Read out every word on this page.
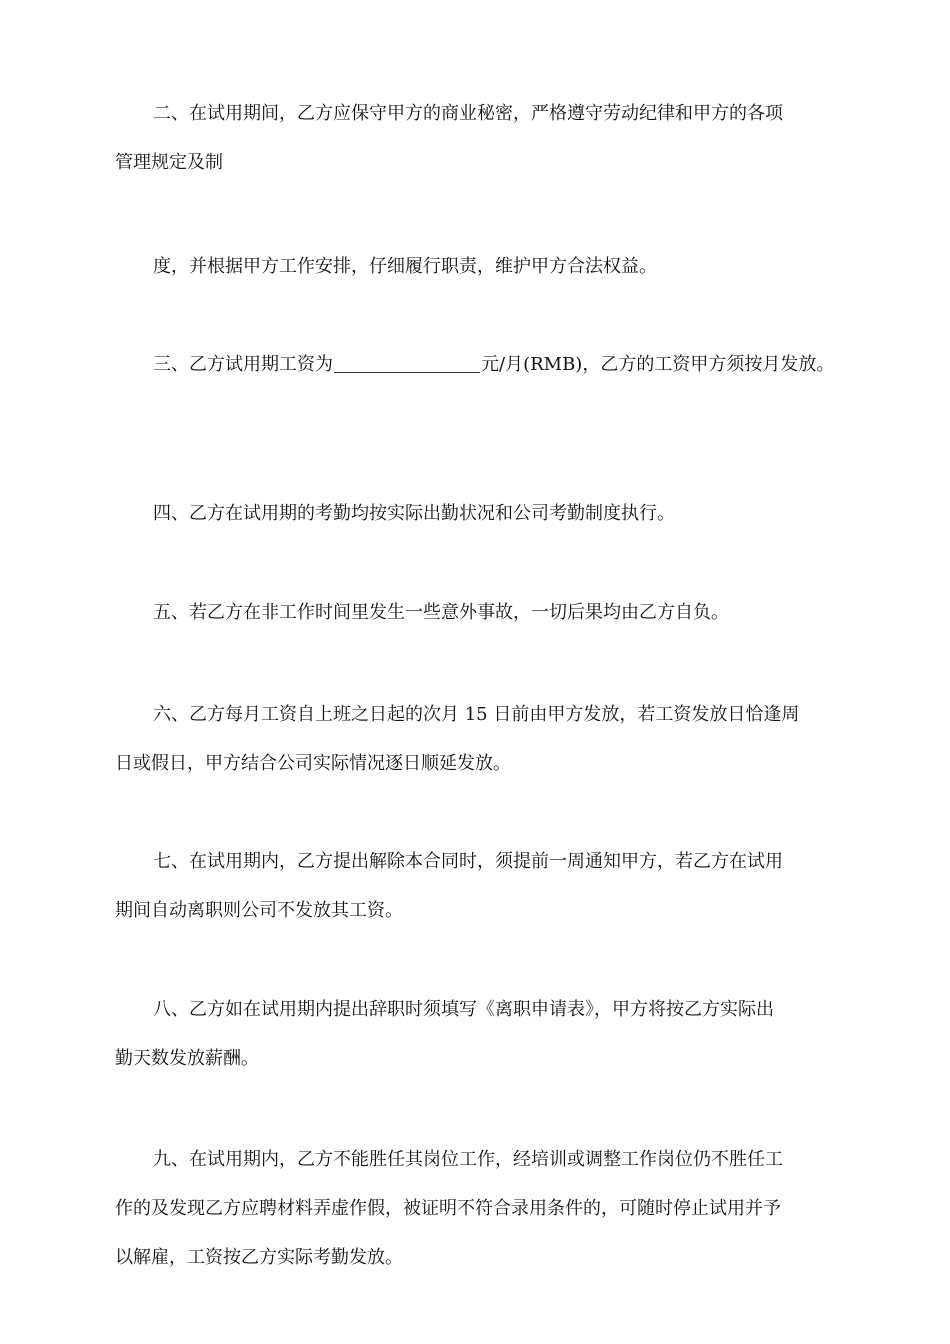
二、在试用期间，乙方应保守甲方的商业秘密，严格遵守劳动纪律和甲方的各项
管理规定及制
度，并根据甲方工作安排，仔细履行职责，维护甲方合法权益。
三、乙方试用期工资为	元/月(RMB)，乙方的工资甲方须按月发放。
四、乙方在试用期的考勤均按实际出勤状况和公司考勤制度执行。
五、若乙方在非工作时间里发生一些意外事故，一切后果均由乙方自负。
六、乙方每月工资自上班之日起的次月 15 日前由甲方发放，若工资发放日恰逢周
日或假日，甲方结合公司实际情况逐日顺延发放。
七、在试用期内，乙方提出解除本合同时，须提前一周通知甲方，若乙方在试用
期间自动离职则公司不发放其工资。
八、乙方如在试用期内提出辞职时须填写《离职申请表》，甲方将按乙方实际出
勤天数发放薪酬。
九、在试用期内，乙方不能胜任其岗位工作，经培训或调整工作岗位仍不胜任工
作的及发现乙方应聘材料弄虚作假，被证明不符合录用条件的，可随时停止试用并予
以解雇，工资按乙方实际考勤发放。
